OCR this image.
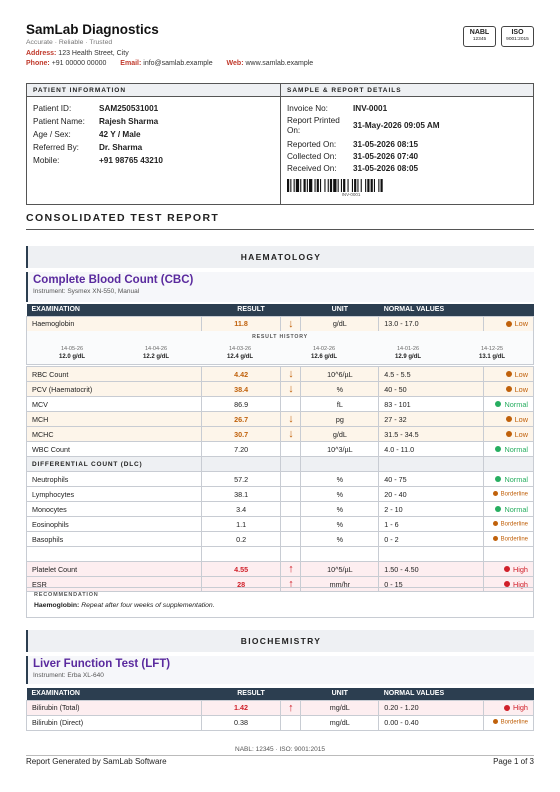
SamLab Diagnostics
Accurate · Reliable · Trusted
Address: 123 Health Street, City
Phone: +91 00000 00000 Email: info@samlab.example Web: www.samlab.example
NABL
12345
ISO
9001:2015
PATIENT INFORMATION
Patient ID:	SAM250531001
Patient Name: Rajesh Sharma
Age / Sex:	42 Y / Male
Referred By: Dr. Sharma
Mobile:	+91 98765 43210
SAMPLE & REPORT DETAILS
Invoice No:	INV-0001
Report Printed
On:
31-May-2026 09:05 AM
Reported On: 31-05-2026 08:15
Collected On: 31-05-2026 07:40
Received On: 31-05-2026 08:05
INV-0001
CONSOLIDATED TEST REPORT
HAEMATOLOGY
Complete Blood Count (CBC)
Instrument: Sysmex XN-550, Manual
EXAMINATION	RESULT		UNIT	NORMAL VALUES	
Haemoglobin	11.8	↓	g/dL	13.0 - 17.0	Low
RESULT HISTORY
14-05-26
12.0 g/dL
14-04-26
12.2 g/dL
14-03-26
12.4 g/dL
14-02-26
12.6 g/dL
14-01-26
12.9 g/dL
14-12-25
13.1 g/dL
RBC Count	4.42	↓	10^6/µL	4.5 - 5.5	Low
PCV (Haematocrit)	38.4	↓	%	40 - 50	Low
MCV	86.9		fL	83 - 101	Normal
MCH	26.7	↓	pg	27 - 32	Low
MCHC	30.7	↓	g/dL	31.5 - 34.5	Low
WBC Count	7.20		10^3/µL	4.0 - 11.0	Normal
DIFFERENTIAL COUNT (DLC)					
Neutrophils	57.2		%	40 - 75	Normal
Lymphocytes	38.1		%	20 - 40	Borderline
Monocytes	3.4		%	2 - 10	Normal
Eosinophils	1.1		%	1 - 6	Borderline
Basophils	0.2		%	0 - 2	Borderline

Platelet Count	4.55	↑	10^5/µL	1.50 - 4.50	High
ESR	28	↑	mm/hr	0 - 15	High
RECOMMENDATION
Haemoglobin: Repeat after four weeks of supplementation.
BIOCHEMISTRY
Liver Function Test (LFT)
Instrument: Erba XL-640
EXAMINATION	RESULT		UNIT	NORMAL VALUES	
Bilirubin (Total)	1.42	↑	mg/dL	0.20 - 1.20	High
Bilirubin (Direct)	0.38		mg/dL	0.00 - 0.40	Borderline
NABL: 12345 · ISO: 9001:2015
Report Generated by SamLab Software	Page 1 of 3
